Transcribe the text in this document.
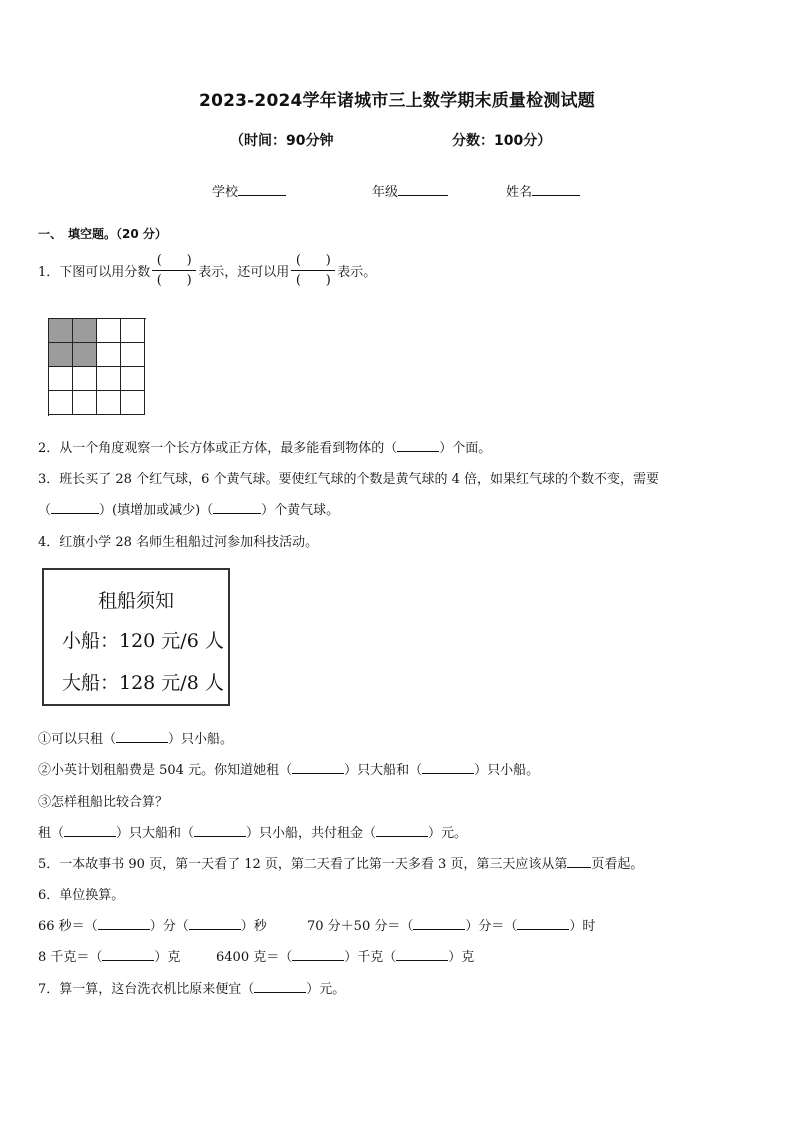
2023-2024学年诸城市三上数学期末质量检测试题
（时间：90分钟	分数：100分）
学校	年级	姓名
一、　填空题。（20 分）
1．下图可以用分数 $\frac{( )}{( )}$ 表示，还可以用 $\frac{( )}{( )}$ 表示。
2．从一个角度观察一个长方体或正方体，最多能看到物体的（	）个面。
3．班长买了 28 个红气球，6 个黄气球。要使红气球的个数是黄气球的 4 倍，如果红气球的个数不变，需要
（	）(填增加或减少)（	）个黄气球。
4．红旗小学 28 名师生租船过河参加科技活动。
租船须知
小船：120 元/6 人
大船：128 元/8 人
①可以只租（	）只小船。
②小英计划租船费是 504 元。你知道她租（	）只大船和（	）只小船。
③怎样租船比较合算？
租（	）只大船和（	）只小船，共付租金（	）元。
5．一本故事书 90 页，第一天看了 12 页，第二天看了比第一天多看 3 页，第三天应该从第 页看起。
6．单位换算。
66 秒＝（	）分（	）秒	70 分＋50 分＝（	）分＝（	）时
8 千克＝（	）克	6400 克＝（	）千克（	）克
7．算一算，这台洗衣机比原来便宜（	）元。
